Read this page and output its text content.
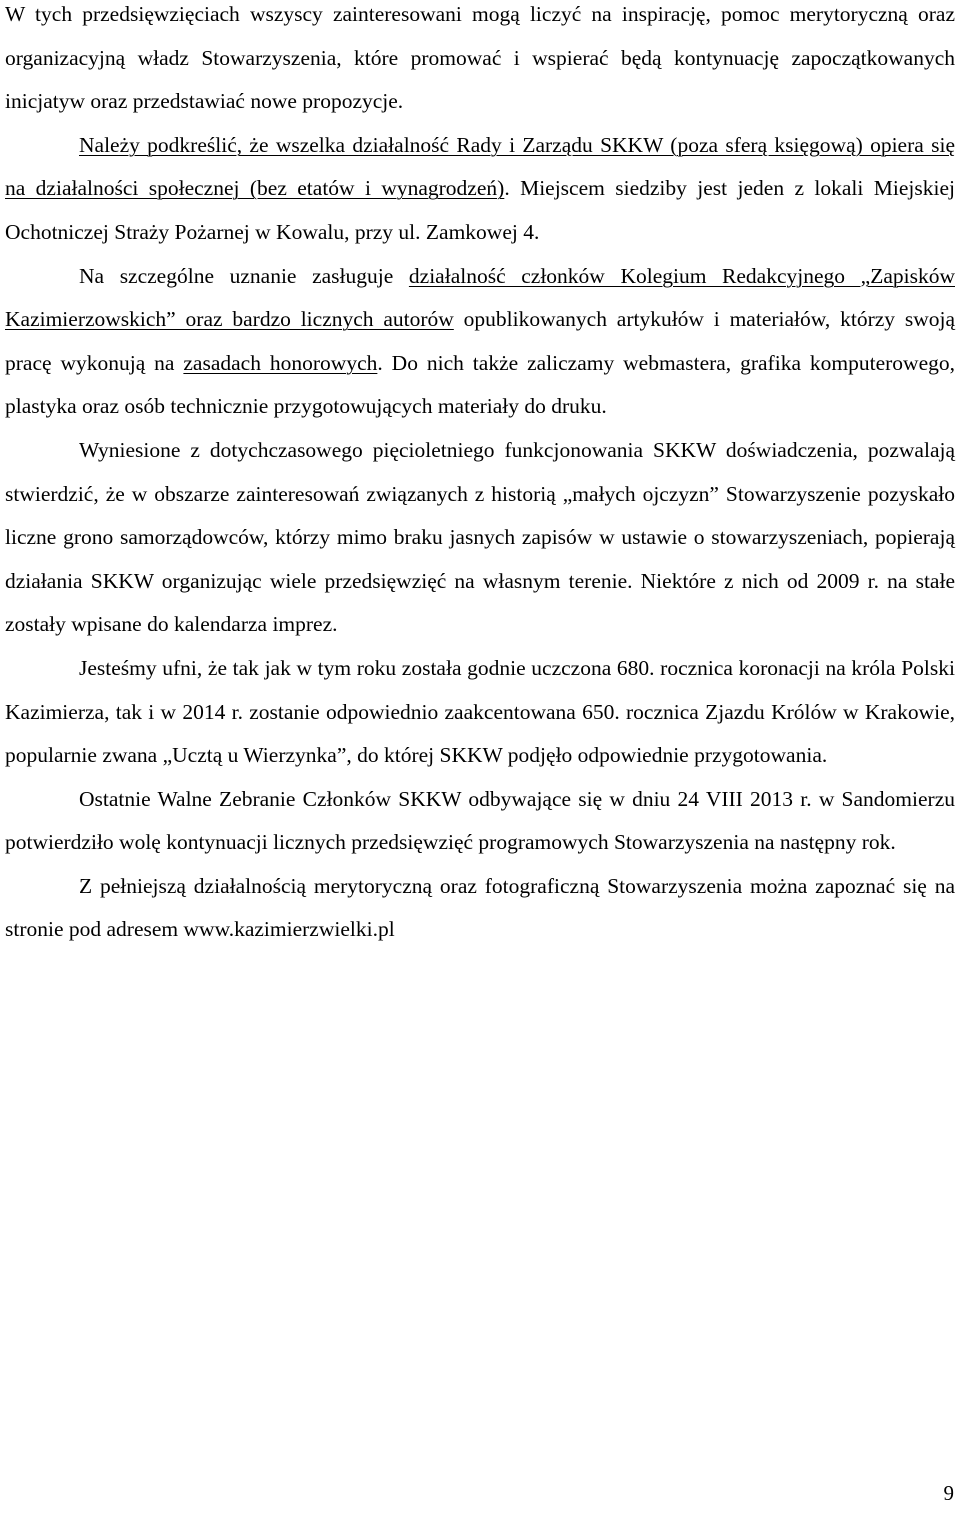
W tych przedsięwzięciach wszyscy zainteresowani mogą liczyć na inspirację, pomoc merytoryczną oraz organizacyjną władz Stowarzyszenia, które promować i wspierać będą kontynuację zapoczątkowanych inicjatyw oraz przedstawiać nowe propozycje.

Należy podkreślić, że wszelka działalność Rady i Zarządu SKKW (poza sferą księgową) opiera się na działalności społecznej (bez etatów i wynagrodzeń). Miejscem siedziby jest jeden z lokali Miejskiej Ochotniczej Straży Pożarnej w Kowalu, przy ul. Zamkowej 4.

Na szczególne uznanie zasługuje działalność członków Kolegium Redakcyjnego „Zapisków Kazimierzowskich” oraz bardzo licznych autorów opublikowanych artykułów i materiałów, którzy swoją pracę wykonują na zasadach honorowych. Do nich także zaliczamy webmastera, grafika komputerowego, plastyka oraz osób technicznie przygotowujących materiały do druku.

Wyniesione z dotychczasowego pięcioletniego funkcjonowania SKKW doświadczenia, pozwalają stwierdzić, że w obszarze zainteresowań związanych z historią „małych ojczyzn” Stowarzyszenie pozyskało liczne grono samorządowców, którzy mimo braku jasnych zapisów w ustawie o stowarzyszeniach, popierają działania SKKW organizując wiele przedsięwzięć na własnym terenie. Niektóre z nich od 2009 r. na stałe zostały wpisane do kalendarza imprez.

Jesteśmy ufni, że tak jak w tym roku została godnie uczczona 680. rocznica koronacji na króla Polski Kazimierza, tak i w 2014 r. zostanie odpowiednio zaakcentowana 650. rocznica Zjazdu Królów w Krakowie, popularnie zwana „Ucztą u Wierzynka”, do której SKKW podjęło odpowiednie przygotowania.

Ostatnie Walne Zebranie Członków SKKW odbywające się w dniu 24 VIII 2013 r. w Sandomierzu potwierdziło wolę kontynuacji licznych przedsięwzięć programowych Stowarzyszenia na następny rok.

Z pełniejszą działalnością merytoryczną oraz fotograficzną Stowarzyszenia można zapoznać się na stronie pod adresem www.kazimierzwielki.pl

9
